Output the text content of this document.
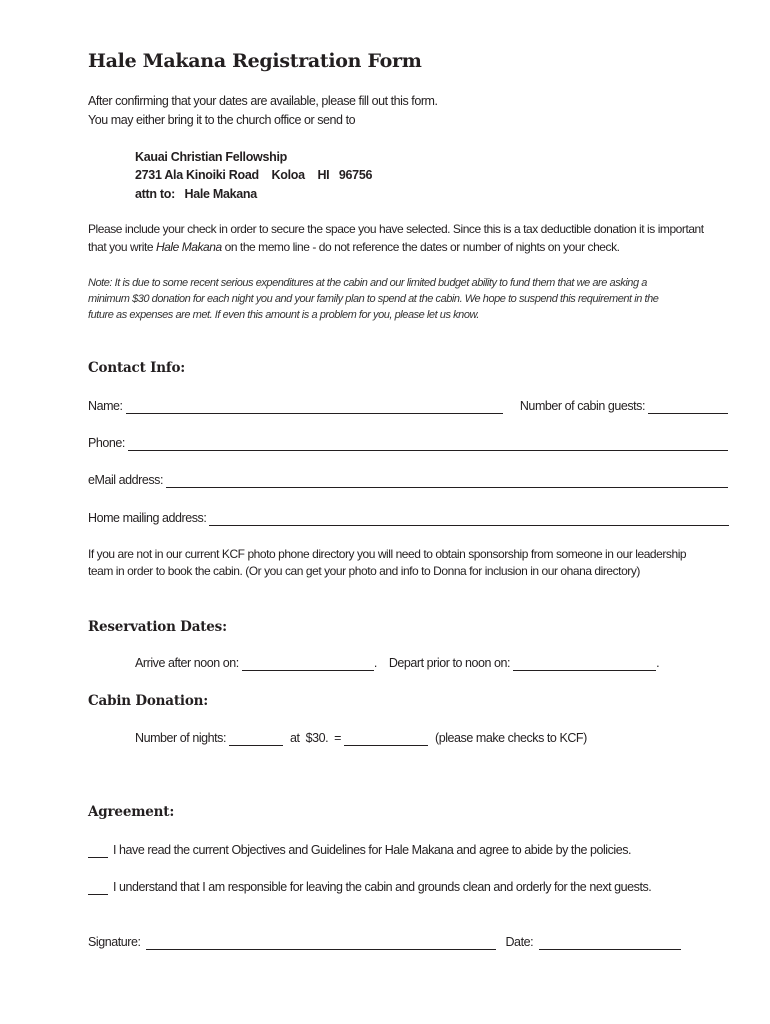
Hale Makana Registration Form
After confirming that your dates are available, please fill out this form.
You may either bring it to the church office or send to
Kauai Christian Fellowship
2731 Ala Kinoiki Road    Koloa    HI   96756
attn to:   Hale Makana
Please include your check in order to secure the space you have selected. Since this is a tax deductible donation it is important
that you write Hale Makana on the memo line - do not reference the dates or number of nights on your check.
Note: It is due to some recent serious expenditures at the cabin and our limited budget ability to fund them that we are asking a
minimum $30 donation for each night you and your family plan to spend at the cabin. We hope to suspend this requirement in the
future as expenses are met. If even this amount is a problem for you, please let us know.
Contact Info:
Name:	Number of cabin guests:
Phone:
eMail address:
Home mailing address:
If you are not in our current KCF photo phone directory you will need to obtain sponsorship from someone in our leadership
team in order to book the cabin. (Or you can get your photo and info to Donna for inclusion in our ohana directory)
Reservation Dates:
Arrive after noon on:	. Depart prior to noon on:	.
Cabin Donation:
Number of nights:	at  $30.  =	(please make checks to KCF)
Agreement:
I have read the current Objectives and Guidelines for Hale Makana and agree to abide by the policies.
I understand that I am responsible for leaving the cabin and grounds clean and orderly for the next guests.
Signature:	Date:
